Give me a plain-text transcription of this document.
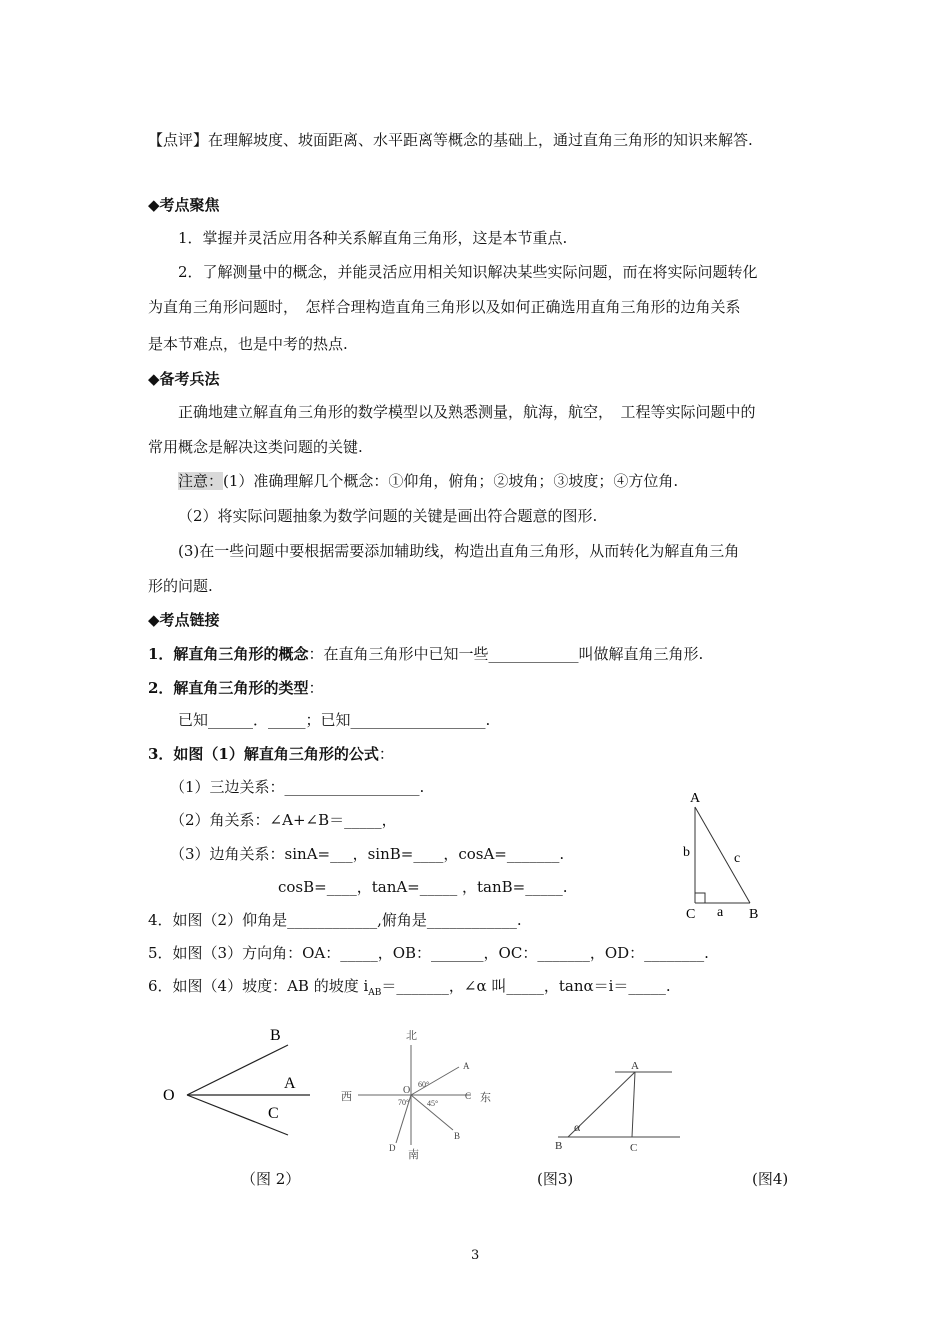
【点评】在理解坡度、坡面距离、水平距离等概念的基础上，通过直角三角形的知识来解答.
◆考点聚焦
1．掌握并灵活应用各种关系解直角三角形，这是本节重点.
2．了解测量中的概念，并能灵活应用相关知识解决某些实际问题，而在将实际问题转化
为直角三角形问题时，　怎样合理构造直角三角形以及如何正确选用直角三角形的边角关系
是本节难点，也是中考的热点.
◆备考兵法
正确地建立解直角三角形的数学模型以及熟悉测量，航海，航空，　工程等实际问题中的
常用概念是解决这类问题的关键.
注意：(1）准确理解几个概念：①仰角，俯角；②坡角；③坡度；④方位角.
（2）将实际问题抽象为数学问题的关键是画出符合题意的图形.
(3)在一些问题中要根据需要添加辅助线，构造出直角三角形，从而转化为解直角三角
形的问题.
◆考点链接
1．解直角三角形的概念：在直角三角形中已知一些____________叫做解直角三角形.
2．解直角三角形的类型：
已知______．_____；已知__________________.
3．如图（1）解直角三角形的公式：
（1）三边关系：__________________.
（2）角关系：∠A+∠B＝_____，
（3）边角关系：sinA=___，sinB=____，cosA=_______.
cosB=____，tanA=_____ ，tanB=_____.
4．如图（2）仰角是____________,俯角是____________.
5．如图（3）方向角：OA：_____，OB：_______，OC：_______，OD：________.
6．如图（4）坡度：AB 的坡度 $i_{AB}=\_\_\_\_\_\_\_$，∠α 叫_____，tanα＝i＝_____.
A
b	c
C a B
O
B
A
C
（图 2）
北
西	东
南
O
A
C
B
D
60°
70° 45°
(图3)
A
B	C
α
(图4)
3
